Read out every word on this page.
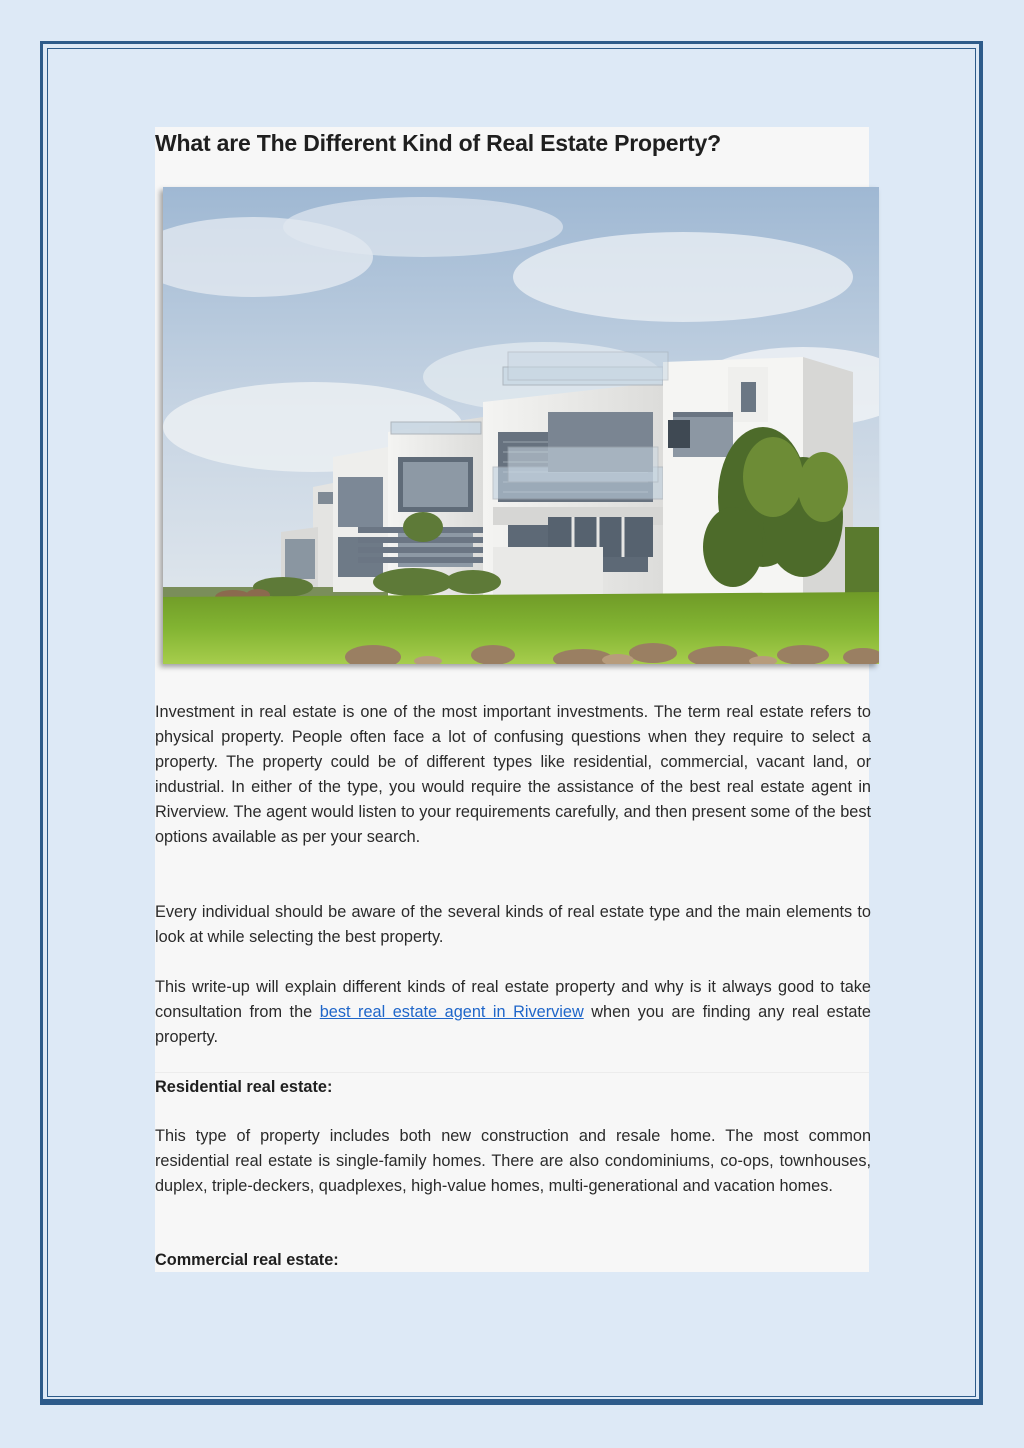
What are The Different Kind of Real Estate Property?

Investment in real estate is one of the most important investments. The term real estate refers to physical property. People often face a lot of confusing questions when they require to select a property. The property could be of different types like residential, commercial, vacant land, or industrial. In either of the type, you would require the assistance of the best real estate agent in Riverview. The agent would listen to your requirements carefully, and then present some of the best options available as per your search.

Every individual should be aware of the several kinds of real estate type and the main elements to look at while selecting the best property.

This write-up will explain different kinds of real estate property and why is it always good to take consultation from the best real estate agent in Riverview when you are finding any real estate property.

Residential real estate:

This type of property includes both new construction and resale home. The most common residential real estate is single-family homes. There are also condominiums, co-ops, townhouses, duplex, triple-deckers, quadplexes, high-value homes, multi-generational and vacation homes.

Commercial real estate:
